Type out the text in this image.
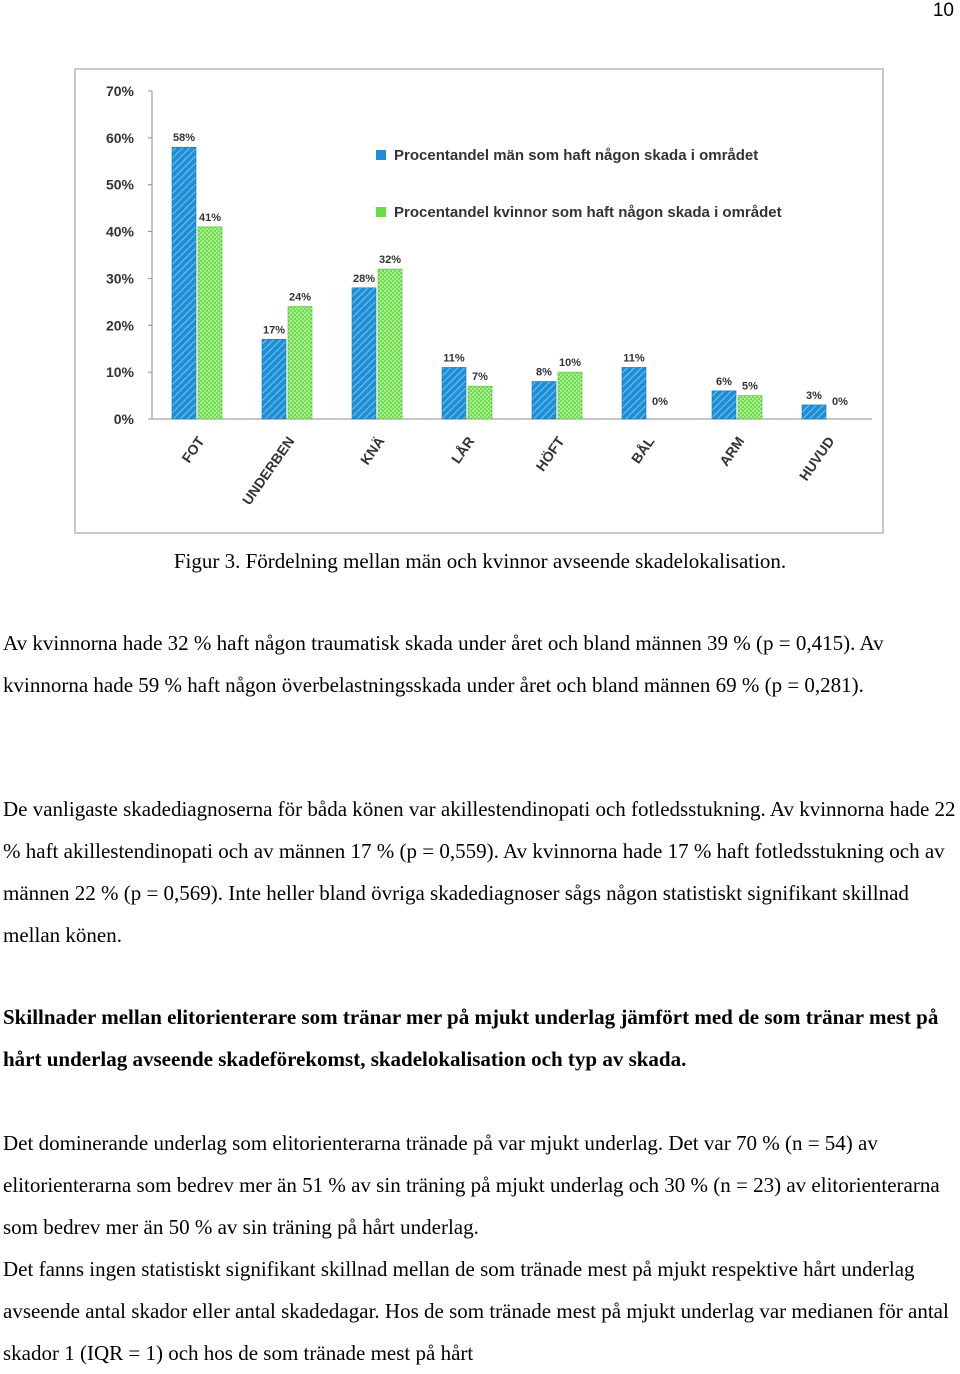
10
0%
10%
20%
30%
40%
50%
60%
70%
58%
17%
28%
11%
8%
11%
6%
3%
41%
24%
32%
7%
10%
0%
5%
0%
FOT UNDERBEN	KNÄ	LÅR	HÖFT	BÅL	ARM	HUVUD
Procentandel män som haft någon skada i området
Procentandel kvinnor som haft någon skada i området
Figur 3. Fördelning mellan män och kvinnor avseende skadelokalisation.

Av kvinnorna hade 32 % haft någon traumatisk skada under året och bland männen 39 % (p = 0,415). Av kvinnorna hade 59 % haft någon överbelastningsskada under året och bland männen 69 % (p = 0,281).

De vanligaste skadediagnoserna för båda könen var akillestendinopati och fotledsstukning. Av kvinnorna hade 22 % haft akillestendinopati och av männen 17 % (p = 0,559). Av kvinnorna hade 17 % haft fotledsstukning och av männen 22 % (p = 0,569). Inte heller bland övriga skadediagnoser sågs någon statistiskt signifikant skillnad mellan könen.

Skillnader mellan elitorienterare som tränar mer på mjukt underlag jämfört med de som tränar mest på hårt underlag avseende skadeförekomst, skadelokalisation och typ av skada.

Det dominerande underlag som elitorienterarna tränade på var mjukt underlag. Det var 70 % (n = 54) av elitorienterarna som bedrev mer än 51 % av sin träning på mjukt underlag och 30 % (n = 23) av elitorienterarna som bedrev mer än 50 % av sin träning på hårt underlag.

Det fanns ingen statistiskt signifikant skillnad mellan de som tränade mest på mjukt respektive hårt underlag avseende antal skador eller antal skadedagar. Hos de som tränade mest på mjukt underlag var medianen för antal skador 1 (IQR = 1) och hos de som tränade mest på hårt
